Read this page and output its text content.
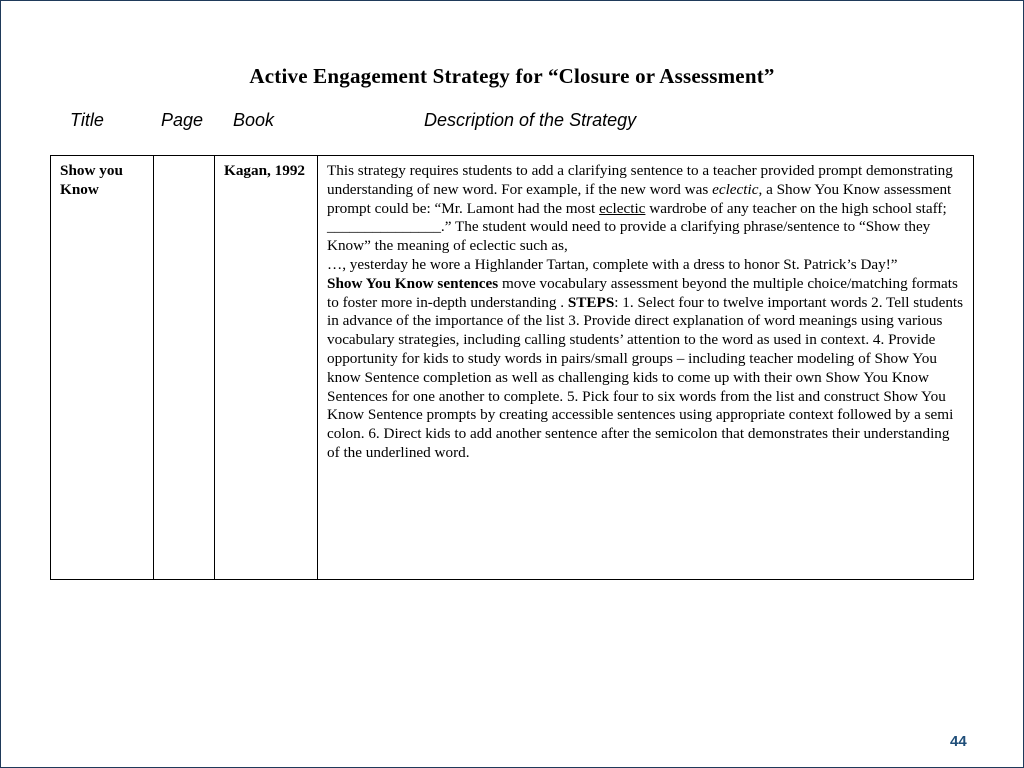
Active Engagement Strategy for “Closure or Assessment”
Title	Page Book	Description of the Strategy
Show you Know		Kagan, 1992	This strategy requires students to add a clarifying sentence to a teacher provided prompt demonstrating understanding of new word. For example, if the new word was eclectic, a Show You Know assessment prompt could be: “Mr. Lamont had the most eclectic wardrobe of any teacher on the high school staff; _______________.” The student would need to provide a clarifying phrase/sentence to “Show they Know” the meaning of eclectic such as,

…, yesterday he wore a Highlander Tartan, complete with a dress to honor St. Patrick’s Day!”

Show You Know sentences move vocabulary assessment beyond the multiple choice/matching formats to foster more in-depth understanding . STEPS: 1. Select four to twelve important words 2. Tell students in advance of the importance of the list 3. Provide direct explanation of word meanings using various vocabulary strategies, including calling students’ attention to the word as used in context. 4. Provide opportunity for kids to study words in pairs/small groups – including teacher modeling of Show You know Sentence completion as well as challenging kids to come up with their own Show You Know Sentences for one another to complete. 5. Pick four to six words from the list and construct Show You Know Sentence prompts by creating accessible sentences using appropriate context followed by a semi colon. 6. Direct kids to add another sentence after the semicolon that demonstrates their understanding of the underlined word.

44
